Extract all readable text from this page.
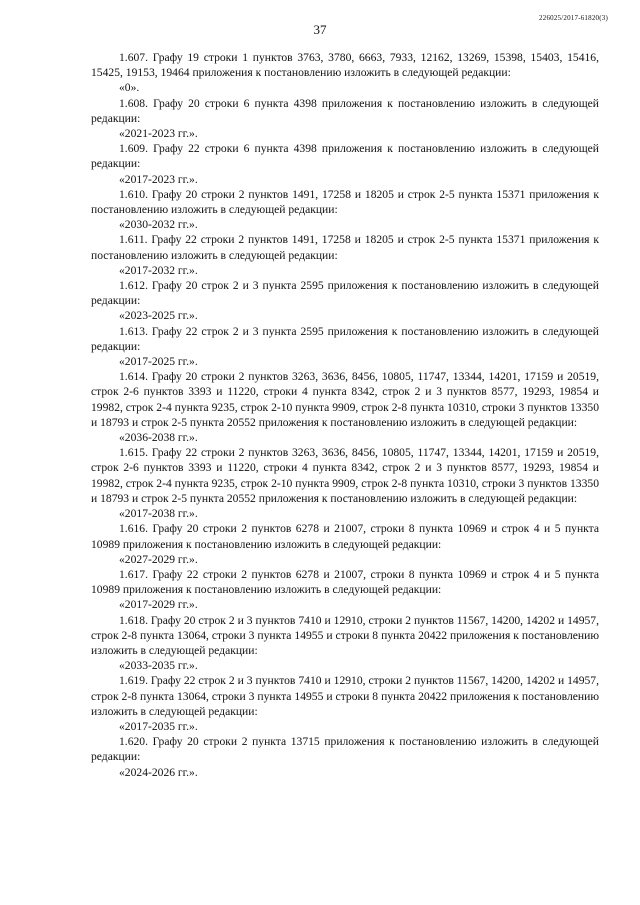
37
226025/2017-61820(3)
1.607. Графу 19 строки 1 пунктов 3763, 3780, 6663, 7933, 12162, 13269, 15398, 15403, 15416, 15425, 19153, 19464 приложения к постановлению изложить в следующей редакции:
«0».
1.608. Графу 20 строки 6 пункта 4398 приложения к постановлению изложить в следующей редакции:
«2021-2023 гг.».
1.609. Графу 22 строки 6 пункта 4398 приложения к постановлению изложить в следующей редакции:
«2017-2023 гг.».
1.610. Графу 20 строки 2 пунктов 1491, 17258 и 18205 и строк 2-5 пункта 15371 приложения к постановлению изложить в следующей редакции:
«2030-2032 гг.».
1.611. Графу 22 строки 2 пунктов 1491, 17258 и 18205 и строк 2-5 пункта 15371 приложения к постановлению изложить в следующей редакции:
«2017-2032 гг.».
1.612. Графу 20 строк 2 и 3 пункта 2595 приложения к постановлению изложить в следующей редакции:
«2023-2025 гг.».
1.613. Графу 22 строк 2 и 3 пункта 2595 приложения к постановлению изложить в следующей редакции:
«2017-2025 гг.».
1.614. Графу 20 строки 2 пунктов 3263, 3636, 8456, 10805, 11747, 13344, 14201, 17159 и 20519, строк 2-6 пунктов 3393 и 11220, строки 4 пункта 8342, строк 2 и 3 пунктов 8577, 19293, 19854 и 19982, строк 2-4 пункта 9235, строк 2-10 пункта 9909, строк 2-8 пункта 10310, строки 3 пунктов 13350 и 18793 и строк 2-5 пункта 20552 приложения к постановлению изложить в следующей редакции:
«2036-2038 гг.».
1.615. Графу 22 строки 2 пунктов 3263, 3636, 8456, 10805, 11747, 13344, 14201, 17159 и 20519, строк 2-6 пунктов 3393 и 11220, строки 4 пункта 8342, строк 2 и 3 пунктов 8577, 19293, 19854 и 19982, строк 2-4 пункта 9235, строк 2-10 пункта 9909, строк 2-8 пункта 10310, строки 3 пунктов 13350 и 18793 и строк 2-5 пункта 20552 приложения к постановлению изложить в следующей редакции:
«2017-2038 гг.».
1.616. Графу 20 строки 2 пунктов 6278 и 21007, строки 8 пункта 10969 и строк 4 и 5 пункта 10989 приложения к постановлению изложить в следующей редакции:
«2027-2029 гг.».
1.617. Графу 22 строки 2 пунктов 6278 и 21007, строки 8 пункта 10969 и строк 4 и 5 пункта 10989 приложения к постановлению изложить в следующей редакции:
«2017-2029 гг.».
1.618. Графу 20 строк 2 и 3 пунктов 7410 и 12910, строки 2 пунктов 11567, 14200, 14202 и 14957, строк 2-8 пункта 13064, строки 3 пункта 14955 и строки 8 пункта 20422 приложения к постановлению изложить в следующей редакции:
«2033-2035 гг.».
1.619. Графу 22 строк 2 и 3 пунктов 7410 и 12910, строки 2 пунктов 11567, 14200, 14202 и 14957, строк 2-8 пункта 13064, строки 3 пункта 14955 и строки 8 пункта 20422 приложения к постановлению изложить в следующей редакции:
«2017-2035 гг.».
1.620. Графу 20 строки 2 пункта 13715 приложения к постановлению изложить в следующей редакции:
«2024-2026 гг.».
